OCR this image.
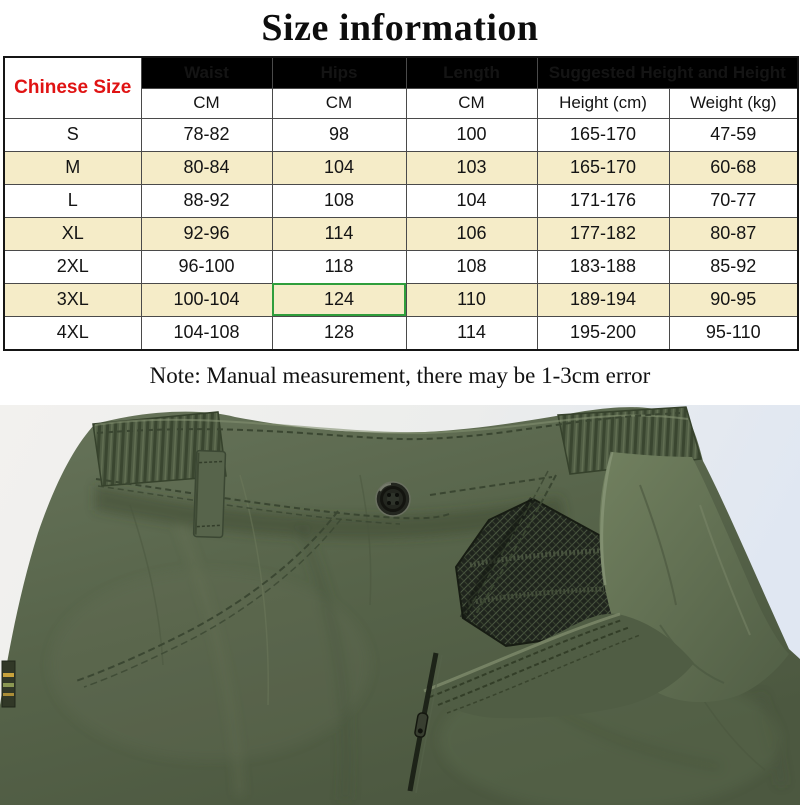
Size information
Chinese Size	Waist	Hips	Length	Suggested Height and Height	
	CM	CM	CM	Height (cm)	Weight (kg)
S	78-82	98	100	165-170	47-59
M	80-84	104	103	165-170	60-68
L	88-92	108	104	171-176	70-77
XL	92-96	114	106	177-182	80-87
2XL	96-100	118	108	183-188	85-92
3XL	100-104	124	110	189-194	90-95
4XL	104-108	128	114	195-200	95-110
Note: Manual measurement, there may be 1-3cm error
